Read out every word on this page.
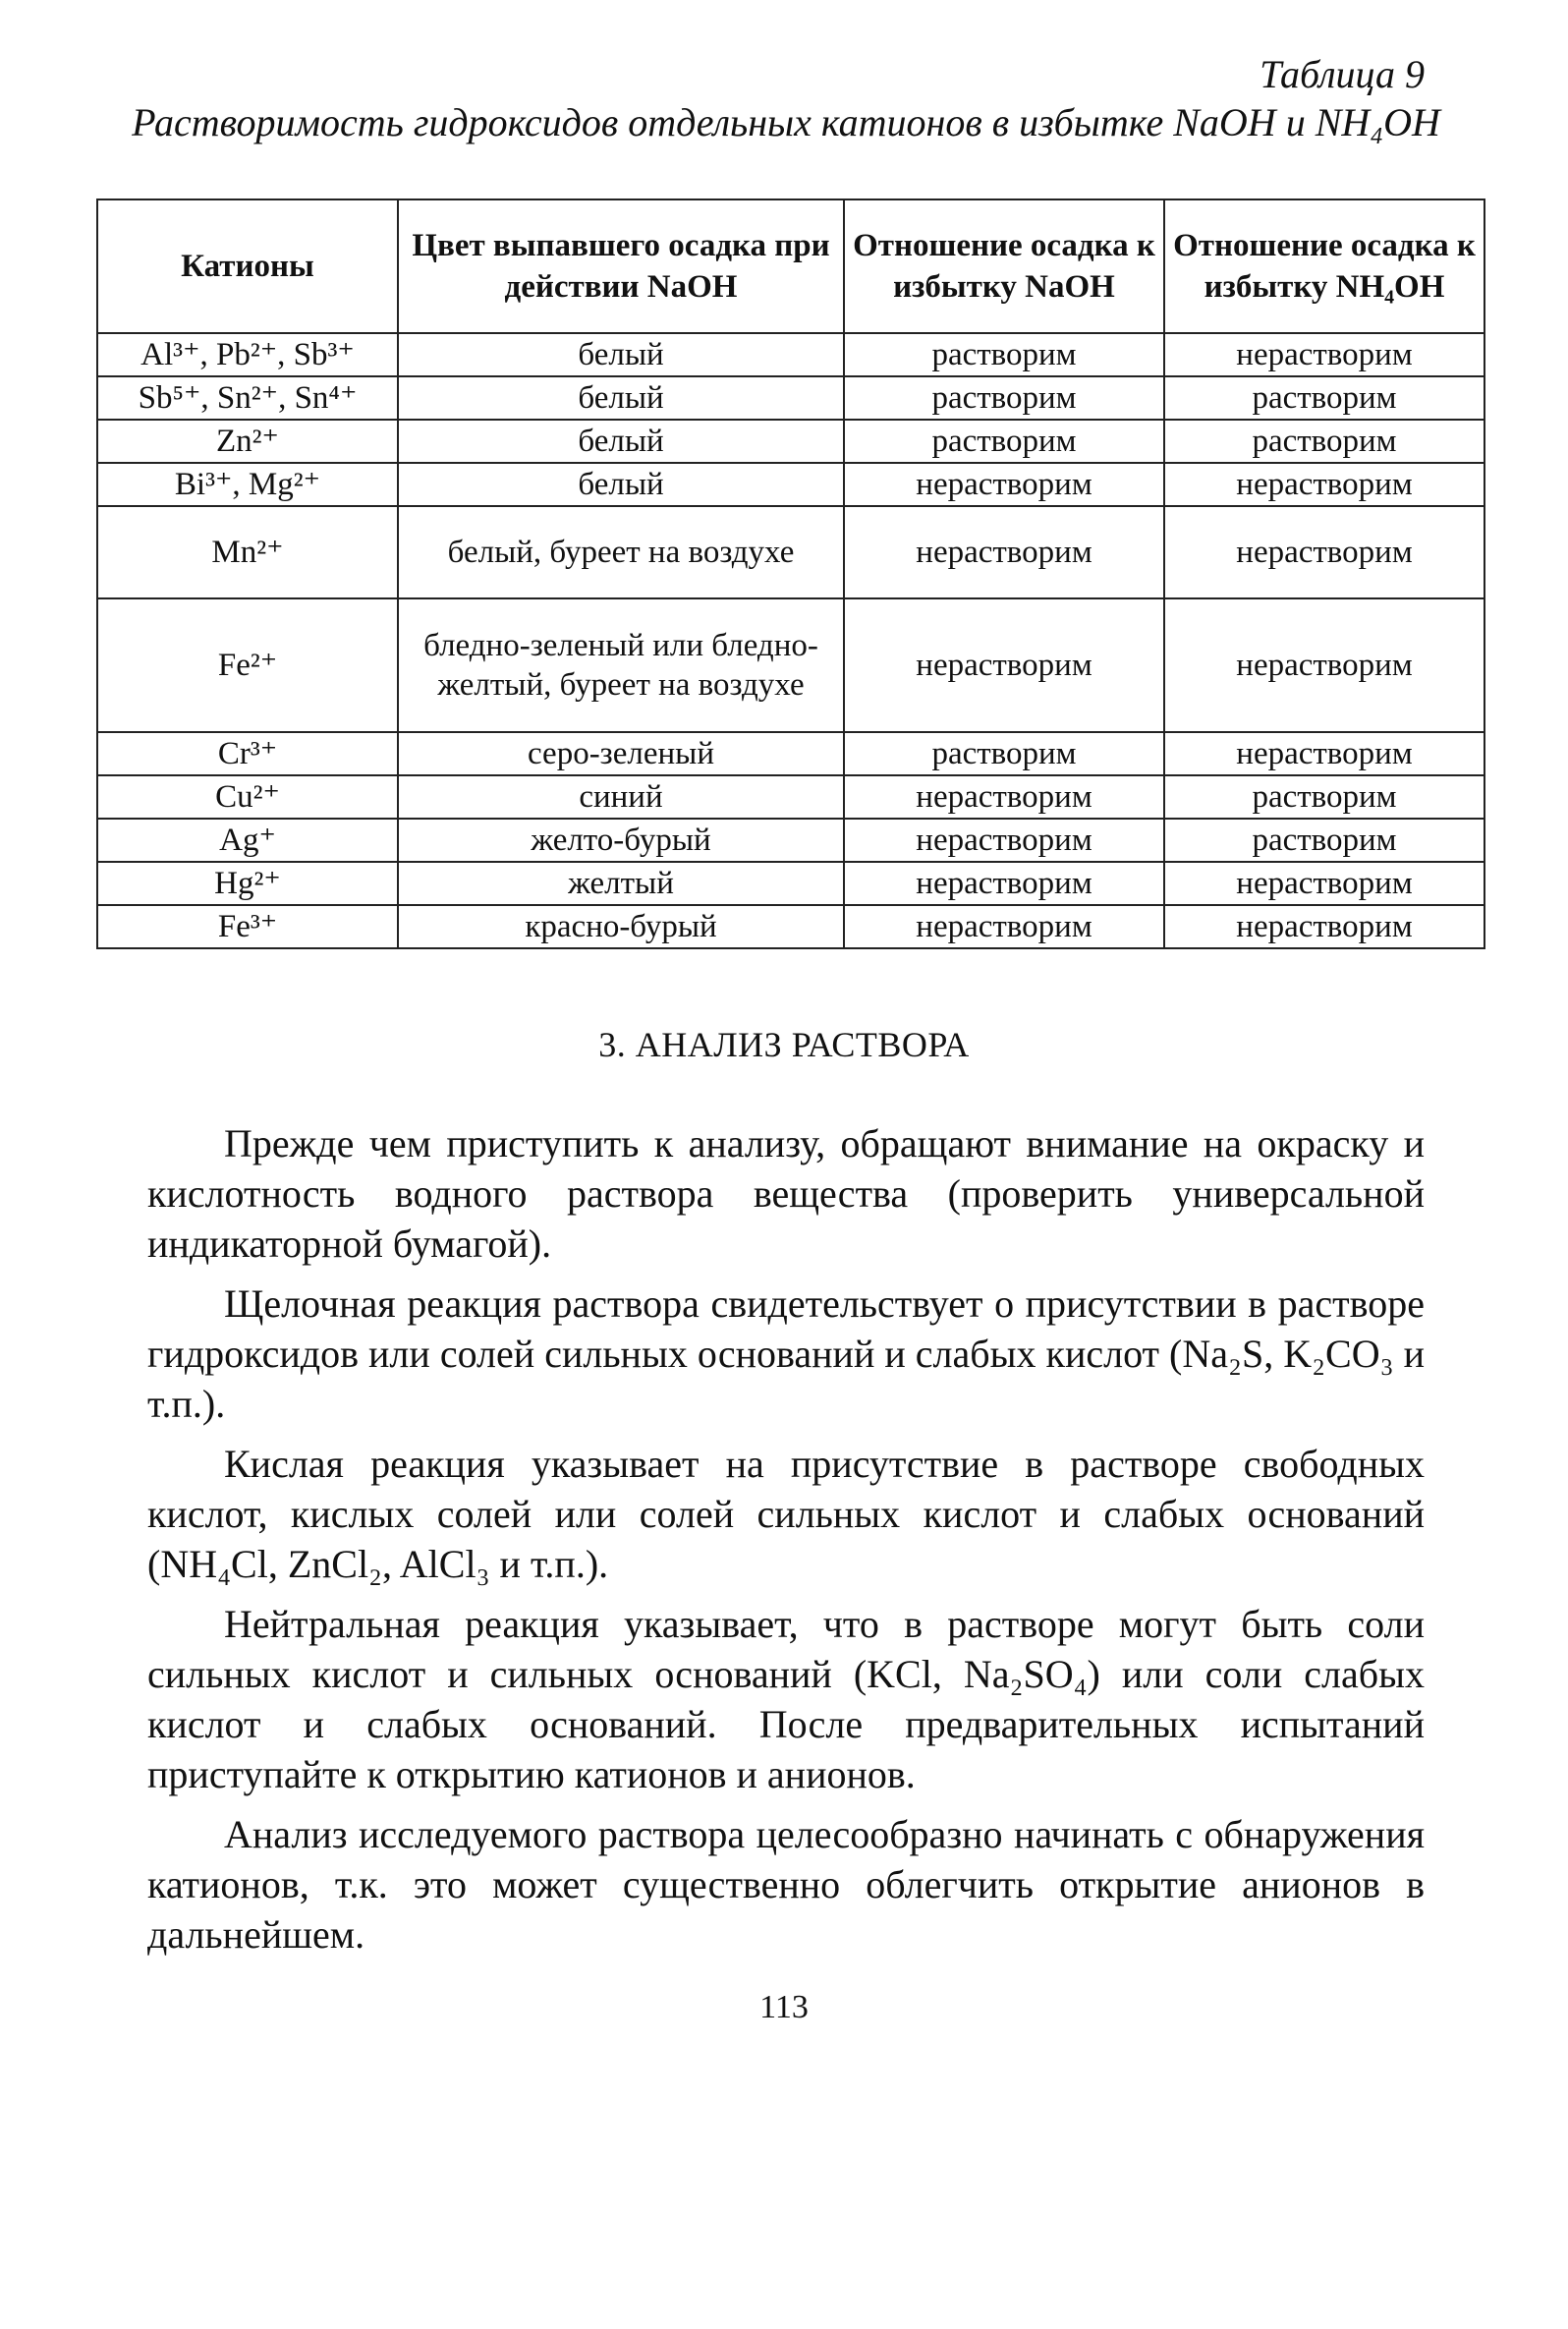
Таблица 9
Растворимость гидроксидов отдельных катионов в избытке NaOH и NH₄OH
Катионы	Цвет выпавшего осадка при действии NaOH	Отношение осадка к избытку NaOH	Отношение осадка к избытку NH₄OH
Al³⁺, Pb²⁺, Sb³⁺	белый	растворим	нерастворим
Sb⁵⁺, Sn²⁺, Sn⁴⁺	белый	растворим	растворим
Zn²⁺	белый	растворим	растворим
Bi³⁺, Mg²⁺	белый	нерастворим	нерастворим
Mn²⁺	белый, буреет на воздухе	нерастворим	нерастворим
Fe²⁺	бледно-зеленый или бледно-желтый, буреет на воздухе	нерастворим	нерастворим
Cr³⁺	серо-зеленый	растворим	нерастворим
Cu²⁺	синий	нерастворим	растворим
Ag⁺	желто-бурый	нерастворим	растворим
Hg²⁺	желтый	нерастворим	нерастворим
Fe³⁺	красно-бурый	нерастворим	нерастворим
3. АНАЛИЗ РАСТВОРА

Прежде чем приступить к анализу, обращают внимание на окраску и кислотность водного раствора вещества (проверить универсальной индикаторной бумагой).

Щелочная реакция раствора свидетельствует о присутствии в растворе гидроксидов или солей сильных оснований и слабых кислот (Na₂S, K₂CO₃ и т.п.).

Кислая реакция указывает на присутствие в растворе свободных кислот, кислых солей или солей сильных кислот и слабых оснований (NH₄Cl, ZnCl₂, AlCl₃ и т.п.).

Нейтральная реакция указывает, что в растворе могут быть соли сильных кислот и сильных оснований (KCl, Na₂SO₄) или соли слабых кислот и слабых оснований. После предварительных испытаний приступайте к открытию катионов и анионов.

Анализ исследуемого раствора целесообразно начинать с обнаружения катионов, т.к. это может существенно облегчить открытие анионов в дальнейшем.

113
